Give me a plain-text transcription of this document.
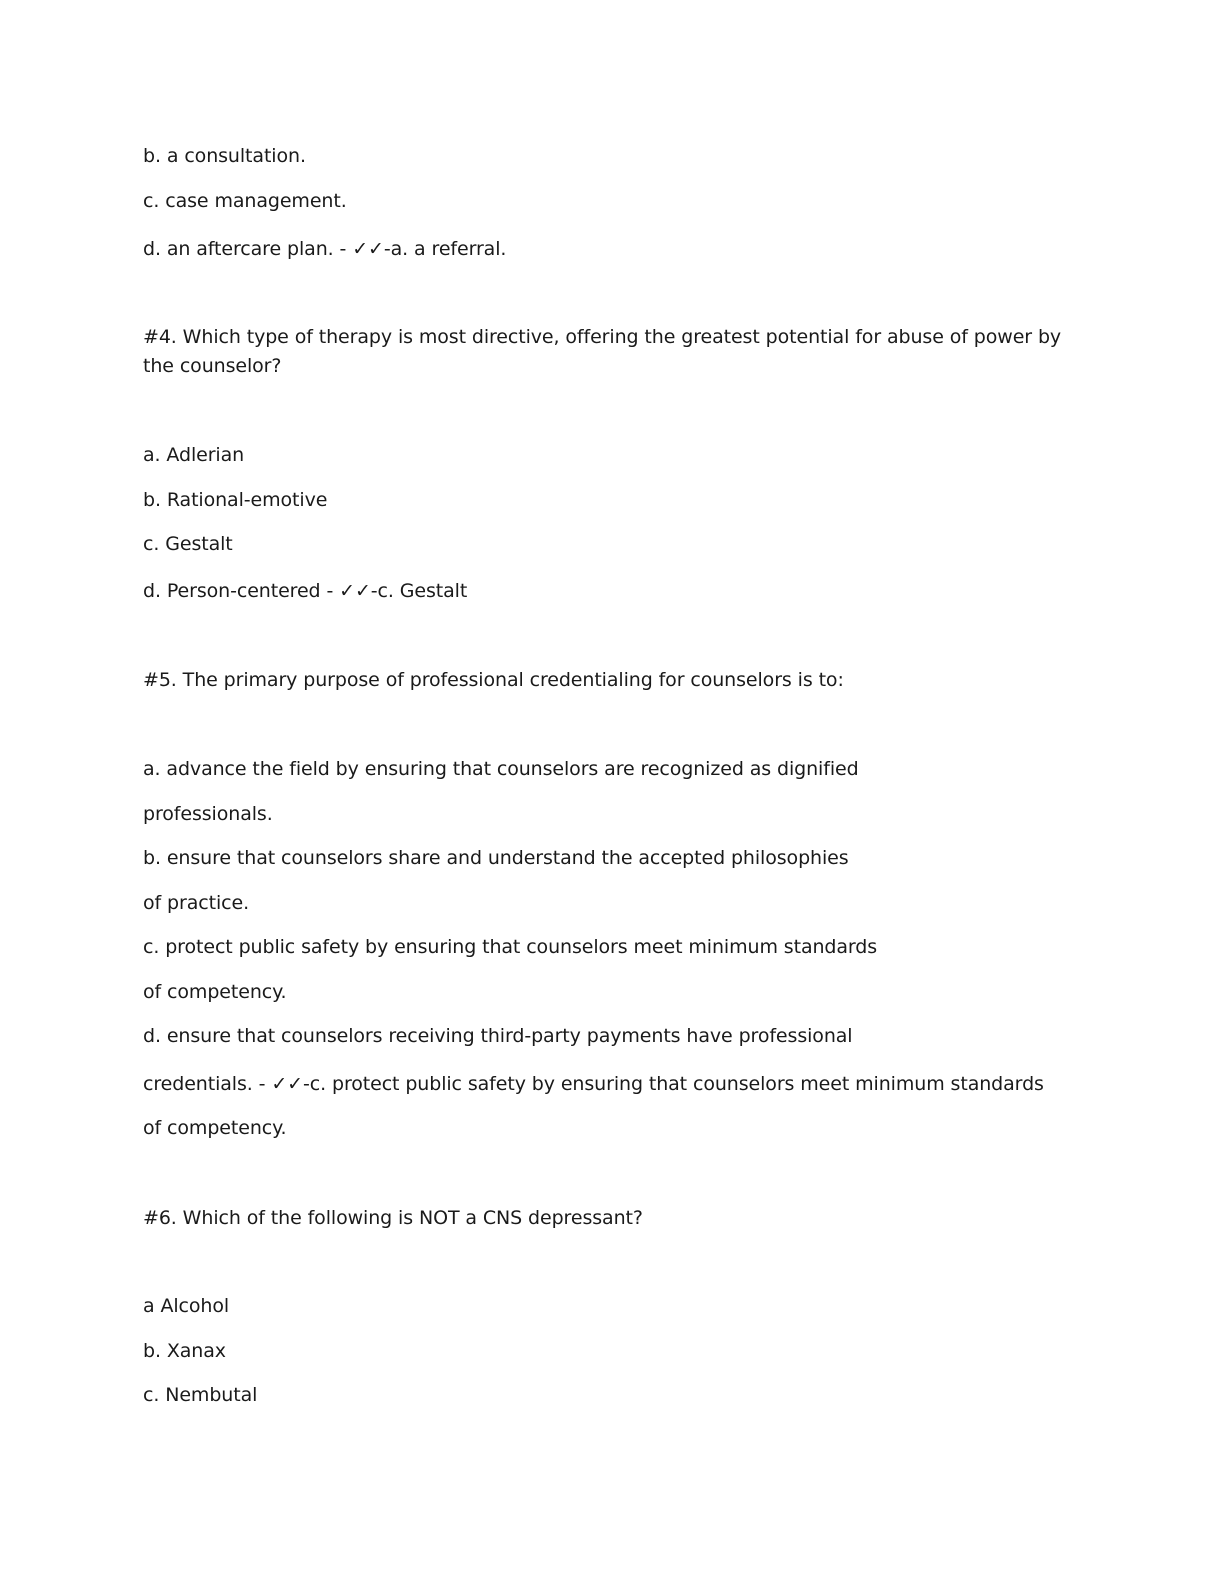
b. a consultation.
c. case management.
d. an aftercare plan. - ✓✓-a. a referral.
#4. Which type of therapy is most directive, offering the greatest potential for abuse of power by the counselor?
a. Adlerian
b. Rational-emotive
c. Gestalt
d. Person-centered - ✓✓-c. Gestalt
#5. The primary purpose of professional credentialing for counselors is to:
a. advance the field by ensuring that counselors are recognized as dignified
professionals.
b. ensure that counselors share and understand the accepted philosophies
of practice.
c. protect public safety by ensuring that counselors meet minimum standards
of competency.
d. ensure that counselors receiving third-party payments have professional
credentials. - ✓✓-c. protect public safety by ensuring that counselors meet minimum standards
of competency.
#6. Which of the following is NOT a CNS depressant?
a Alcohol
b. Xanax
c. Nembutal
